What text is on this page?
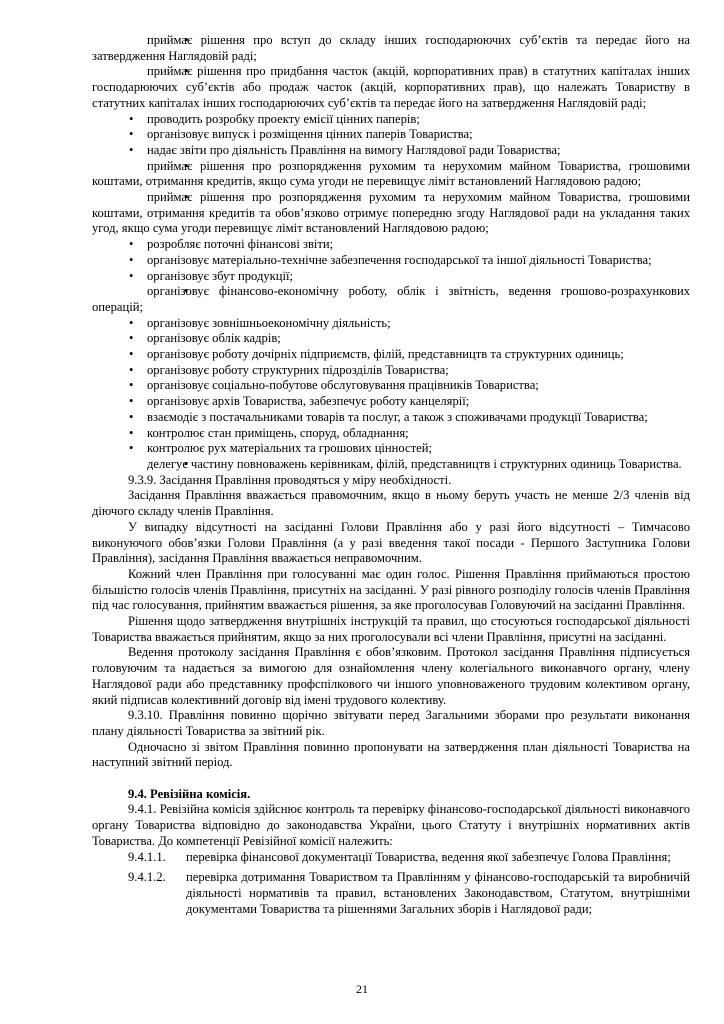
• приймає рішення про вступ до складу інших господарюючих суб’єктів та передає його на затвердження Наглядовій раді;

• приймає рішення про придбання часток (акцій, корпоративних прав) в статутних капіталах інших господарюючих суб’єктів або продаж часток (акцій, корпоративних прав), що належать Товариству в статутних капіталах інших господарюючих суб’єктів та передає його на затвердження Наглядовій раді;

• проводить розробку проекту емісії цінних паперів;

• організовує випуск і розміщення цінних паперів Товариства;

• надає звіти про діяльність Правління на вимогу Наглядової ради Товариства;

• приймає рішення про розпорядження рухомим та нерухомим майном Товариства, грошовими коштами, отримання кредитів, якщо сума угоди не перевищує ліміт встановлений Наглядовою радою;

• приймає рішення про розпорядження рухомим та нерухомим майном Товариства, грошовими коштами, отримання кредитів та обов’язково отримує попередню згоду Наглядової ради на укладання таких угод, якщо сума угоди перевищує ліміт встановлений Наглядовою радою;

• розробляє поточні фінансові звіти;

• організовує матеріально-технічне забезпечення господарської та іншої діяльності Товариства;

• організовує збут продукції;

• організовує фінансово-економічну роботу, облік і звітність, ведення грошово-розрахункових операцій;

• організовує зовнішньоекономічну діяльність;

• організовує облік кадрів;

• організовує роботу дочірніх підприємств, філій, представництв та структурних одиниць;

• організовує роботу структурних підрозділів Товариства;

• організовує соціально-побутове обслуговування працівників Товариства;

• організовує архів Товариства, забезпечує роботу канцелярії;

• взаємодіє з постачальниками товарів та послуг, а також з споживачами продукції Товариства;

• контролює стан приміщень, споруд, обладнання;

• контролює рух матеріальних та грошових цінностей;

• делегує частину повноважень керівникам, філій, представництв і структурних одиниць Товариства.

9.3.9. Засідання Правління проводяться у міру необхідності.

Засідання Правління вважається правомочним, якщо в ньому беруть участь не менше 2/3 членів від діючого складу членів Правління.

У випадку відсутності на засіданні Голови Правління або у разі його відсутності – Тимчасово виконуючого обов’язки Голови Правління (а у разі введення такої посади - Першого Заступника Голови Правління), засідання Правління вважається неправомочним.

Кожний член Правління при голосуванні має один голос. Рішення Правління приймаються простою більшістю голосів членів Правління, присутніх на засіданні. У разі рівного розподілу голосів членів Правління під час голосування, прийнятим вважається рішення, за яке проголосував Головуючий на засіданні Правління.

Рішення щодо затвердження внутрішніх інструкцій та правил, що стосуються господарської діяльності Товариства вважається прийнятим, якщо за них проголосували всі члени Правління, присутні на засіданні.

Ведення протоколу засідання Правління є обов’язковим. Протокол засідання Правління підписується головуючим та надається за вимогою для ознайомлення члену колегіального виконавчого органу, члену Наглядової ради або представнику профспілкового чи іншого уповноваженого трудовим колективом органу, який підписав колективний договір від імені трудового колективу.

9.3.10. Правління повинно щорічно звітувати перед Загальними зборами про результати виконання плану діяльності Товариства за звітний рік.

Одночасно зі звітом Правління повинно пропонувати на затвердження план діяльності Товариства на наступний звітний період.

9.4. Ревізійна комісія.

9.4.1. Ревізійна комісія здійснює контроль та перевірку фінансово-господарської діяльності виконавчого органу Товариства відповідно до законодавства України, цього Статуту і внутрішніх нормативних актів Товариства. До компетенції Ревізійної комісії належить:

9.4.1.1.	перевірка фінансової документації Товариства, ведення якої забезпечує Голова Правління;
9.4.1.2.	перевірка дотримання Товариством та Правлінням у фінансово-господарській та виробничій діяльності нормативів та правил, встановлених Законодавством, Статутом, внутрішніми документами Товариства та рішеннями Загальних зборів і Наглядової ради;
21
